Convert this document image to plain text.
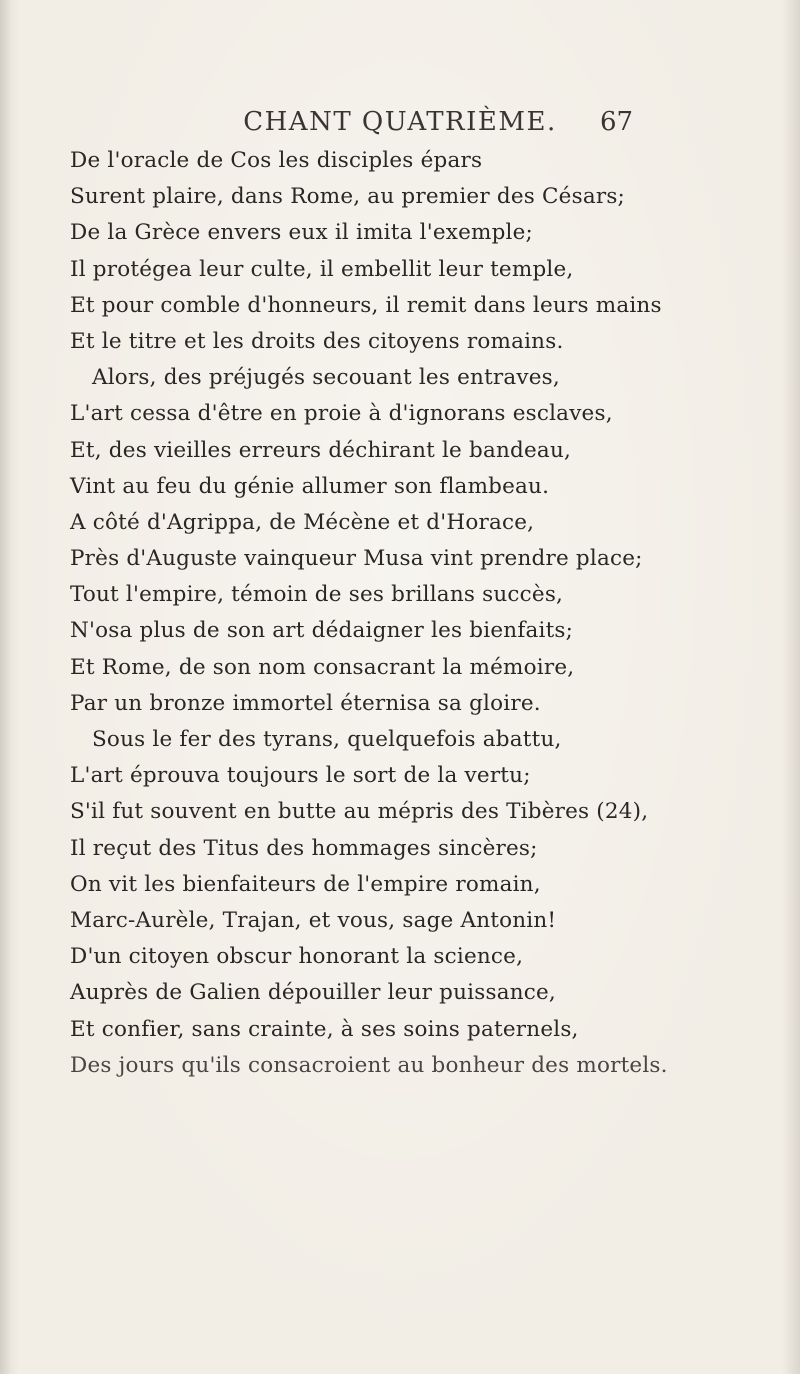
CHANT QUATRIÈME.	67
De l'oracle de Cos les disciples épars
Surent plaire, dans Rome, au premier des Césars;
De la Grèce envers eux il imita l'exemple;
Il protégea leur culte, il embellit leur temple,
Et pour comble d'honneurs, il remit dans leurs mains
Et le titre et les droits des citoyens romains.
Alors, des préjugés secouant les entraves,
L'art cessa d'être en proie à d'ignorans esclaves,
Et, des vieilles erreurs déchirant le bandeau,
Vint au feu du génie allumer son flambeau.
A côté d'Agrippa, de Mécène et d'Horace,
Près d'Auguste vainqueur Musa vint prendre place;
Tout l'empire, témoin de ses brillans succès,
N'osa plus de son art dédaigner les bienfaits;
Et Rome, de son nom consacrant la mémoire,
Par un bronze immortel éternisa sa gloire.
Sous le fer des tyrans, quelquefois abattu,
L'art éprouva toujours le sort de la vertu;
S'il fut souvent en butte au mépris des Tibères (24),
Il reçut des Titus des hommages sincères;
On vit les bienfaiteurs de l'empire romain,
Marc-Aurèle, Trajan, et vous, sage Antonin!
D'un citoyen obscur honorant la science,
Auprès de Galien dépouiller leur puissance,
Et confier, sans crainte, à ses soins paternels,
Des jours qu'ils consacroient au bonheur des mortels.
